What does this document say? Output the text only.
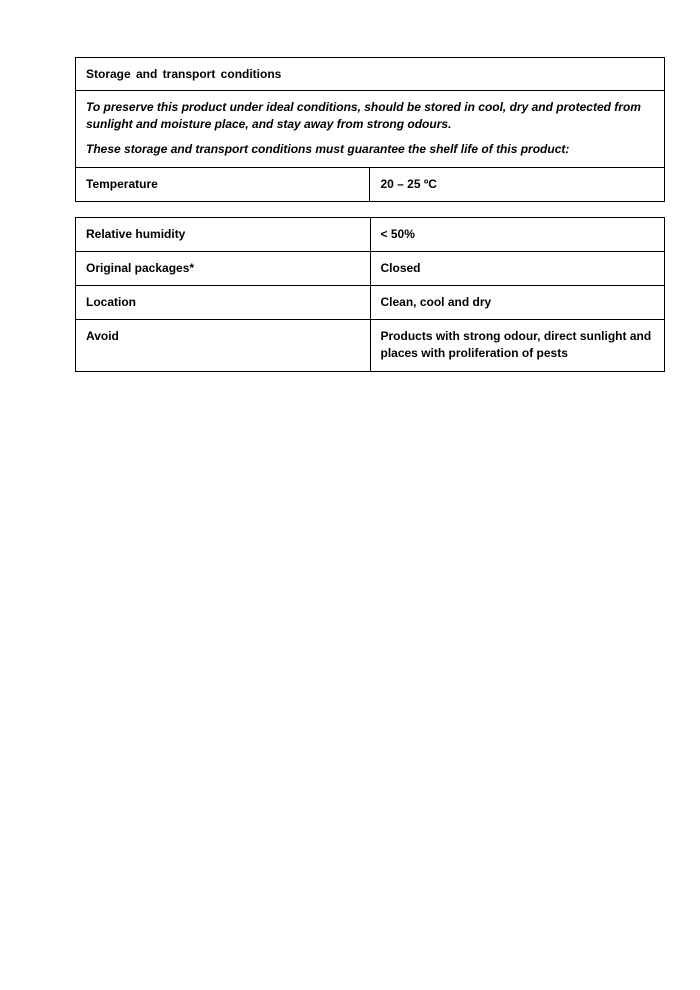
Storage and transport conditions

To preserve this product under ideal conditions, should be stored in cool, dry and protected from sunlight and moisture place, and stay away from strong odours.

These storage and transport conditions must guarantee the shelf life of this product:

Temperature	20 – 25 ºC
Relative humidity	< 50%
Original packages*	Closed
Location	Clean, cool and dry
Avoid	Products with strong odour, direct sunlight and places with proliferation of pests
